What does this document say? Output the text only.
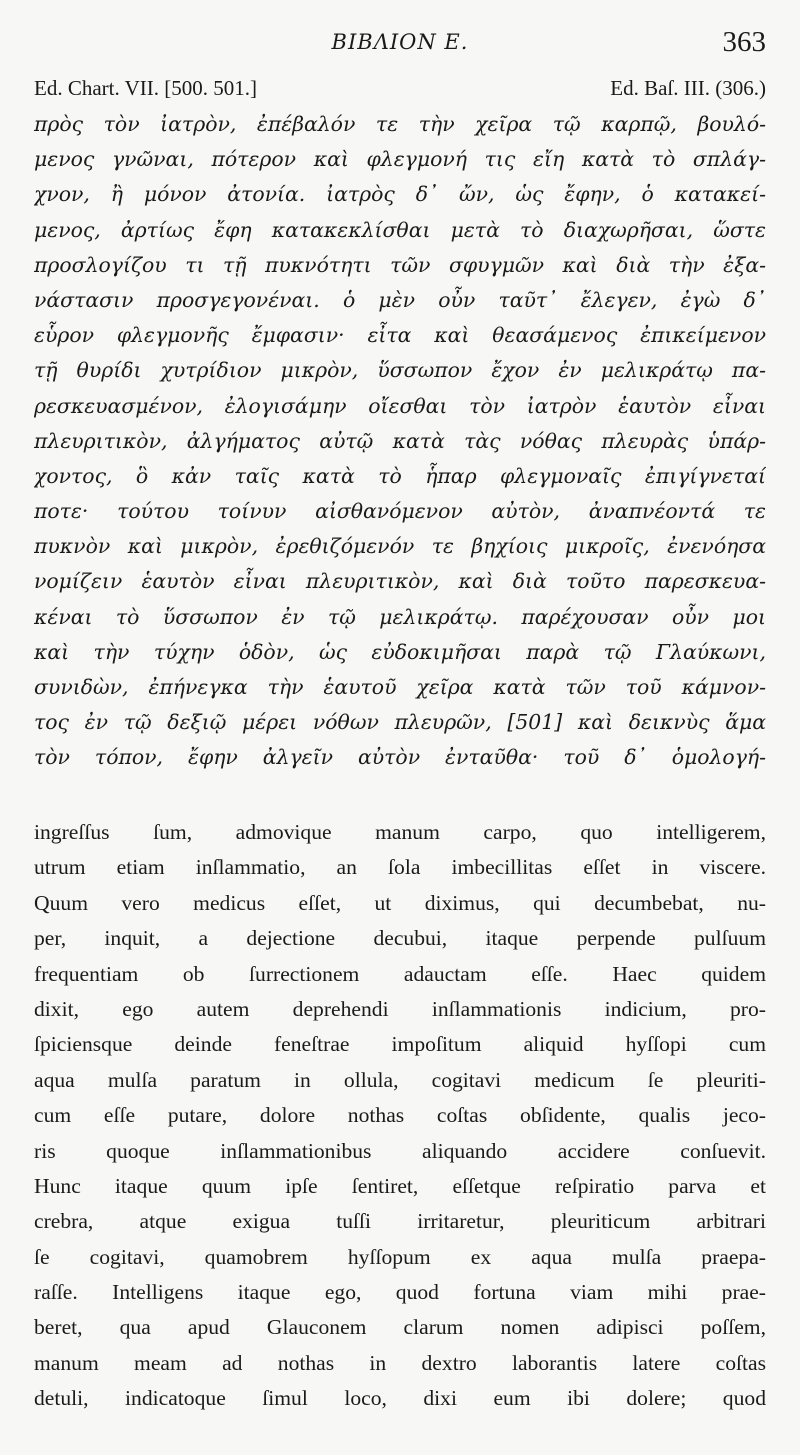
BIBΛΙΟΝ Ε.	363
Ed. Chart. VII. [500. 501.]	Ed. Baſ. III. (306.)
πρὸς τὸν ἰατρὸν, ἐπέβαλόν τε τὴν χεῖρα τῷ καρπῷ, βουλό-
μενος γνῶναι, πότερον καὶ φλεγμονή τις εἴη κατὰ τὸ σπλάγ-
χνον, ἢ μόνον ἀτονία. ἰατρὸς δ᾽ ὤν, ὡς ἔφην, ὁ κατακεί-
μενος, ἀρτίως ἔφη κατακεκλίσθαι μετὰ τὸ διαχωρῆσαι, ὥστε
προσλογίζου τι τῇ πυκνότητι τῶν σφυγμῶν καὶ διὰ τὴν ἐξα-
νάστασιν προσγεγονέναι. ὁ μὲν οὖν ταῦτ᾽ ἔλεγεν, ἐγὼ δ᾽
εὗρον φλεγμονῆς ἔμφασιν· εἶτα καὶ θεασάμενος ἐπικείμενον
τῇ θυρίδι χυτρίδιον μικρὸν, ὕσσωπον ἔχον ἐν μελικράτῳ πα-
ρεσκευασμένον, ἐλογισάμην οἴεσθαι τὸν ἰατρὸν ἑαυτὸν εἶναι
πλευριτικὸν, ἀλγήματος αὐτῷ κατὰ τὰς νόθας πλευρὰς ὑπάρ-
χοντος, ὃ κἀν ταῖς κατὰ τὸ ἧπαρ φλεγμοναῖς ἐπιγίγνεταί
ποτε· τούτου τοίνυν αἰσθανόμενον αὐτὸν, ἀναπνέοντά τε
πυκνὸν καὶ μικρὸν, ἐρεθιζόμενόν τε βηχίοις μικροῖς, ἐνενόησα
νομίζειν ἑαυτὸν εἶναι πλευριτικὸν, καὶ διὰ τοῦτο παρεσκευα-
κέναι τὸ ὕσσωπον ἐν τῷ μελικράτῳ. παρέχουσαν οὖν μοι
καὶ τὴν τύχην ὁδὸν, ὡς εὐδοκιμῆσαι παρὰ τῷ Γλαύκωνι,
συνιδὼν, ἐπήνεγκα τὴν ἑαυτοῦ χεῖρα κατὰ τῶν τοῦ κάμνον-
τος ἐν τῷ δεξιῷ μέρει νόθων πλευρῶν, [501] καὶ δεικνὺς ἅμα
τὸν τόπον, ἔφην ἀλγεῖν αὐτὸν ἐνταῦθα· τοῦ δ᾽ ὁμολογή-
ingreſſus ſum, admovique manum carpo, quo intelligerem,
utrum etiam inſlammatio, an ſola imbecillitas eſſet in viscere.
Quum vero medicus eſſet, ut diximus, qui decumbebat, nu-
per, inquit, a dejectione decubui, itaque perpende pulſuum
frequentiam ob ſurrectionem adauctam eſſe. Haec quidem
dixit, ego autem deprehendi inſlammationis indicium, pro-
ſpiciensque deinde feneſtrae impoſitum aliquid hyſſopi cum
aqua mulſa paratum in ollula, cogitavi medicum ſe pleuriti-
cum eſſe putare, dolore nothas coſtas obſidente, qualis jeco-
ris quoque inſlammationibus aliquando accidere conſuevit.
Hunc itaque quum ipſe ſentiret, eſſetque reſpiratio parva et
crebra, atque exigua tuſſi irritaretur, pleuriticum arbitrari
ſe cogitavi, quamobrem hyſſopum ex aqua mulſa praepa-
raſſe. Intelligens itaque ego, quod fortuna viam mihi prae-
beret, qua apud Glauconem clarum nomen adipisci poſſem,
manum meam ad nothas in dextro laborantis latere coſtas
detuli, indicatoque ſimul loco, dixi eum ibi dolere; quod
